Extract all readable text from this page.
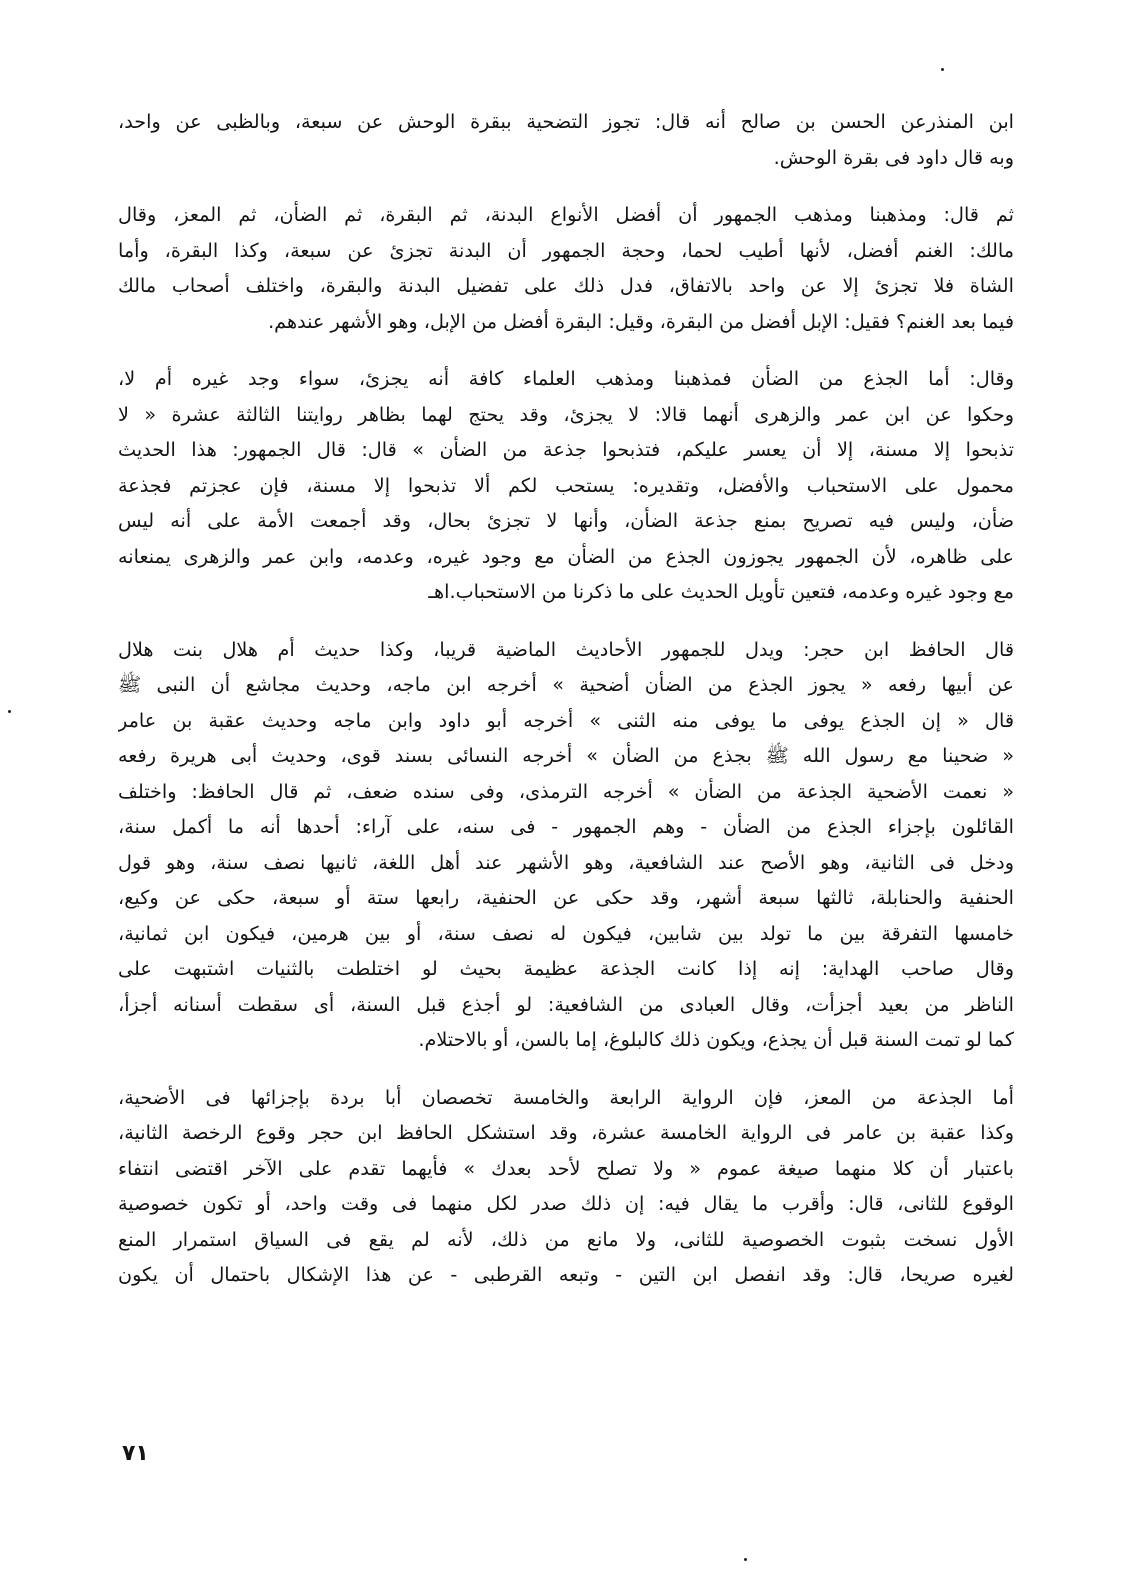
ابن المنذرعن الحسن بن صالح أنه قال: تجوز التضحية ببقرة الوحش عن سبعة، وبالظبى عن واحد،
وبه قال داود فى بقرة الوحش.
ثم قال: ومذهبنا ومذهب الجمهور أن أفضل الأنواع البدنة، ثم البقرة، ثم الضأن، ثم المعز، وقال
مالك: الغنم أفضل، لأنها أطيب لحما، وحجة الجمهور أن البدنة تجزئ عن سبعة، وكذا البقرة، وأما
الشاة فلا تجزئ إلا عن واحد بالاتفاق، فدل ذلك على تفضيل البدنة والبقرة، واختلف أصحاب مالك
فيما بعد الغنم؟ فقيل: الإبل أفضل من البقرة، وقيل: البقرة أفضل من الإبل، وهو الأشهر عندهم.
وقال: أما الجذع من الضأن فمذهبنا ومذهب العلماء كافة أنه يجزئ، سواء وجد غيره أم لا،
وحكوا عن ابن عمر والزهرى أنهما قالا: لا يجزئ، وقد يحتج لهما بظاهر روايتنا الثالثة عشرة « لا
تذبحوا إلا مسنة، إلا أن يعسر عليكم، فتذبحوا جذعة من الضأن » قال: قال الجمهور: هذا الحديث
محمول على الاستحباب والأفضل، وتقديره: يستحب لكم ألا تذبحوا إلا مسنة، فإن عجزتم فجذعة
ضأن، وليس فيه تصريح بمنع جذعة الضأن، وأنها لا تجزئ بحال، وقد أجمعت الأمة على أنه ليس
على ظاهره، لأن الجمهور يجوزون الجذع من الضأن مع وجود غيره، وعدمه، وابن عمر والزهرى يمنعانه
مع وجود غيره وعدمه، فتعين تأويل الحديث على ما ذكرنا من الاستحباب.اهـ
قال الحافظ ابن حجر: ويدل للجمهور الأحاديث الماضية قريبا، وكذا حديث أم هلال بنت هلال
عن أبيها رفعه « يجوز الجذع من الضأن أضحية » أخرجه ابن ماجه، وحديث مجاشع أن النبى ﷺ
قال « إن الجذع يوفى ما يوفى منه الثنى » أخرجه أبو داود وابن ماجه وحديث عقبة بن عامر
« ضحينا مع رسول الله ﷺ بجذع من الضأن » أخرجه النسائى بسند قوى، وحديث أبى هريرة رفعه
« نعمت الأضحية الجذعة من الضأن » أخرجه الترمذى، وفى سنده ضعف، ثم قال الحافظ: واختلف
القائلون بإجزاء الجذع من الضأن - وهم الجمهور - فى سنه، على آراء: أحدها أنه ما أكمل سنة،
ودخل فى الثانية، وهو الأصح عند الشافعية، وهو الأشهر عند أهل اللغة، ثانيها نصف سنة، وهو قول
الحنفية والحنابلة، ثالثها سبعة أشهر، وقد حكى عن الحنفية، رابعها ستة أو سبعة، حكى عن وكيع،
خامسها التفرقة بين ما تولد بين شابين، فيكون له نصف سنة، أو بين هرمين، فيكون ابن ثمانية،
وقال صاحب الهداية: إنه إذا كانت الجذعة عظيمة بحيث لو اختلطت بالثنيات اشتبهت على
الناظر من بعيد أجزأت، وقال العبادى من الشافعية: لو أجذع قبل السنة، أى سقطت أسنانه أجزأ،
كما لو تمت السنة قبل أن يجذع، ويكون ذلك كالبلوغ، إما بالسن، أو بالاحتلام.
أما الجذعة من المعز، فإن الرواية الرابعة والخامسة تخصصان أبا بردة بإجزائها فى الأضحية،
وكذا عقبة بن عامر فى الرواية الخامسة عشرة، وقد استشكل الحافظ ابن حجر وقوع الرخصة الثانية،
باعتبار أن كلا منهما صيغة عموم « ولا تصلح لأحد بعدك » فأيهما تقدم على الآخر اقتضى انتفاء
الوقوع للثانى، قال: وأقرب ما يقال فيه: إن ذلك صدر لكل منهما فى وقت واحد، أو تكون خصوصية
الأول نسخت بثبوت الخصوصية للثانى، ولا مانع من ذلك، لأنه لم يقع فى السياق استمرار المنع
لغيره صريحا، قال: وقد انفصل ابن التين - وتبعه القرطبى - عن هذا الإشكال باحتمال أن يكون
٧١
